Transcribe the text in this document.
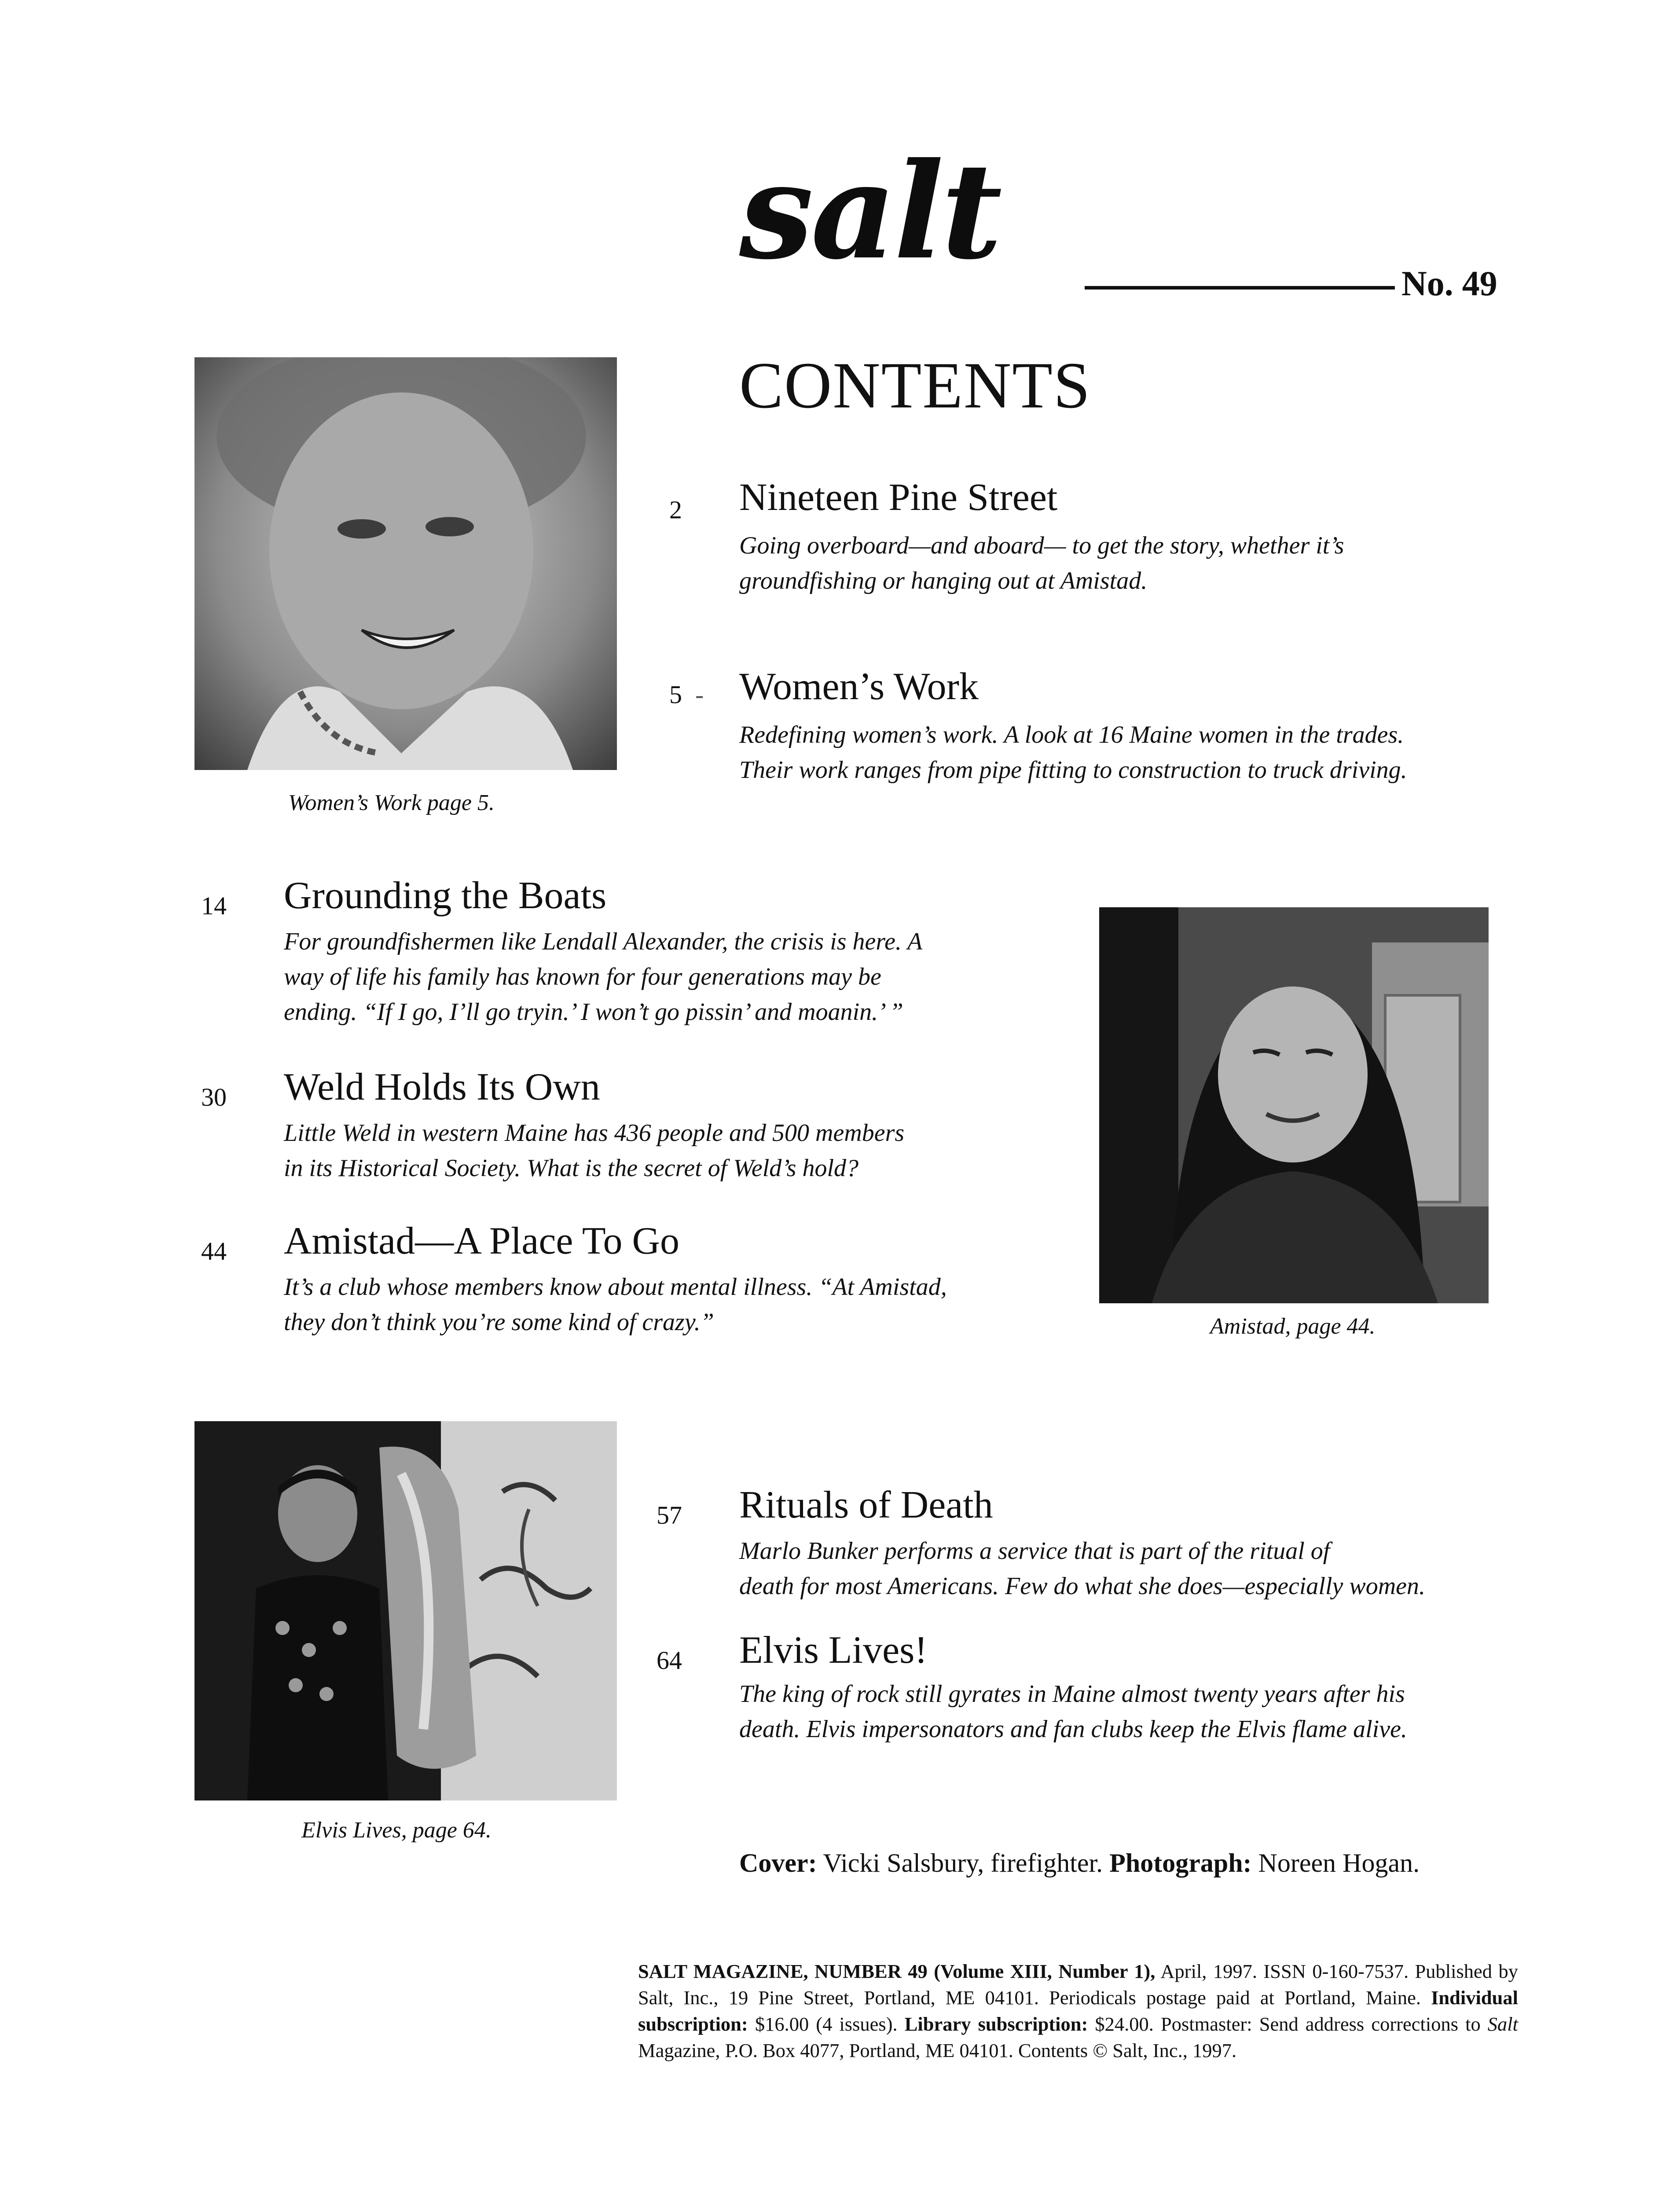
salt	No. 49
CONTENTS
Women’s Work page 5.
2 Nineteen Pine Street
Going overboard—and aboard— to get the story, whether it’s
groundfishing or hanging out at Amistad.
5 - Women’s Work
Redefining women’s work. A look at 16 Maine women in the trades.
Their work ranges from pipe fitting to construction to truck driving.
14 Grounding the Boats
For groundfishermen like Lendall Alexander, the crisis is here. A
way of life his family has known for four generations may be
ending. “If I go, I’ll go tryin.’ I won’t go pissin’ and moanin.’ ”
30 Weld Holds Its Own
Little Weld in western Maine has 436 people and 500 members
in its Historical Society. What is the secret of Weld’s hold?
44 Amistad—A Place To Go
It’s a club whose members know about mental illness. “At Amistad,
they don’t think you’re some kind of crazy.”	Amistad, page 44.
Elvis Lives, page 64.
57 Rituals of Death
Marlo Bunker performs a service that is part of the ritual of
death for most Americans. Few do what she does—especially women.
64 Elvis Lives!
The king of rock still gyrates in Maine almost twenty years after his
death. Elvis impersonators and fan clubs keep the Elvis flame alive.
Cover: Vicki Salsbury, firefighter. Photograph: Noreen Hogan.
SALT MAGAZINE, NUMBER 49 (Volume XIII, Number 1), April, 1997. ISSN 0-160-7537. Published by Salt, Inc., 19 Pine Street, Portland, ME 04101. Periodicals postage paid at Portland, Maine. Individual subscription: $16.00 (4 issues). Library subscription: $24.00. Postmaster: Send address corrections to Salt Magazine, P.O. Box 4077, Portland, ME 04101. Contents © Salt, Inc., 1997.
